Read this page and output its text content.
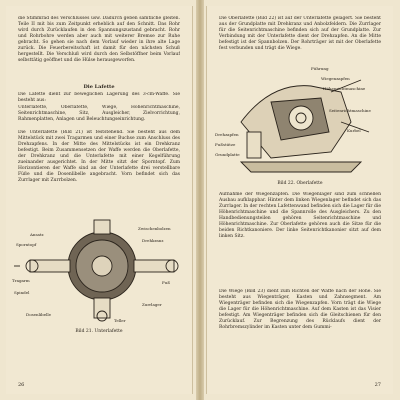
die Stimmrad des Verschlusses usw. Dadurch geben sämtliche gleiten. Teile II mit bis zum Zeitpunkt erheblich auf den Schnitt. Das Rohr wird durch Zurücklaufen in den Spannungszustand gebracht. Rohr und Rohrbohre werden aber auch mit weiterer Bremse zur Ruhe gebracht. So gehen sie nach dem Vorlauf wieder in ihre alte Lage zurück. Die Feuerbereitschaft ist damit für den nächsten Schuß hergestellt. Die Verschluß wird durch den Selbstöffner beim Vorlauf selbsttätig geöffnet und die Hülse herausgeworfen.

Die Lafette

Die Lafette dient zur beweglichen Lagerung des 3-cm-Waffe. Sie besteht aus:

Unterlafette, Oberlafette, Wiege, Höhenrichtmaschine, Seitenrichtmaschine, Sitz, Ausgleicher, Zielvorrichtung, Rahmenplatten, Anlagen und Beleuchtungseinrichtung.

Die Unterlafette (Bild 21) ist feststehend. Sie besteht aus dem Mittelstück mit zwei Tragarmen und einer Buchse zum Anschluss des Drehzapfens. In der Mitte des Mittelstücks ist ein Drehkranz befestigt. Beim Zusammensetzen der Waffe werden die Oberlafette, der Drehkranz und die Unterlafette mit einer Kegelführung zueinander ausgerichtet. In der Mitte sitzt der Sporntopf. Zum Horizontieren der Waffe sind an der Unterlafette drei verstellbare Füße und die Dosenlibelle angebracht. Vorn befindet sich das Zurrlager mit Zurrbolzen.

Ansatz
Sporntopf
Zwischenbolzen
Drehkranz
Tragarm	Fuß
Spindel
Zurrlager
Dosenlibelle
Teller
Bild 21. Unterlafette
26

Die Oberlafette (Bild 22) ist auf der Unterlafette gelagert. Sie besteht aus der Grundplatte mit Drehkranz und Anbolzfeldern. Die Zurrlager für die Seitenrichtmaschine befinden sich auf der Grundplatte. Zur Verbindung mit der Unterlafette dient der Drehzapfen. An die Mitte befestigt ist der Spannbolzen. Der Rohrträger ist mit der Oberlafette fest verbunden und trägt die Wiege.

Führung
Wiegenzapfen
Höhenrichtmaschine
Seitenrichtmaschine
Kurbel
Drehzapfen
Fußstütze
Grundplatte
Bild 22. Oberlafette

Aufnahme der Wiegenzapfen. Die Wiegenlager sind zum schnellen Ausbau aufklappbar. Hinter dem linken Wiegenlager befindet sich das Zurrlager. In der rechten Lafettenwand befinden sich die Lager für die Höhenrichtmaschine und die Spannrolle des Ausgleichers. Zu den Handbedienungsteilen gehören Seitenrichtmaschine und Höhenrichtmaschine. Zur Oberlafette gehören auch die Sitze für die beiden Richtkanoniere. Der linke Seitenrichtkanonier sitzt auf dem linken Sitz.

Die Wiege (Bild 23) dient zum Richten der Waffe nach der Höhe. Sie besteht aus Wiegenträger, Kasten und Zahnsegment. Am Wiegenträger befinden sich die Wiegenzapfen. Vorn trägt die Wiege die Lager für die Höhenrichtmaschine. Auf dem Kasten ist das Visier befestigt. Am Wiegenträger befinden sich die Gleitschienen für den Zurücklauf. Zur Begrenzung des Rücklaufs dient der Rohrbremszylinder im Kasten unter dem Gummi-

27
